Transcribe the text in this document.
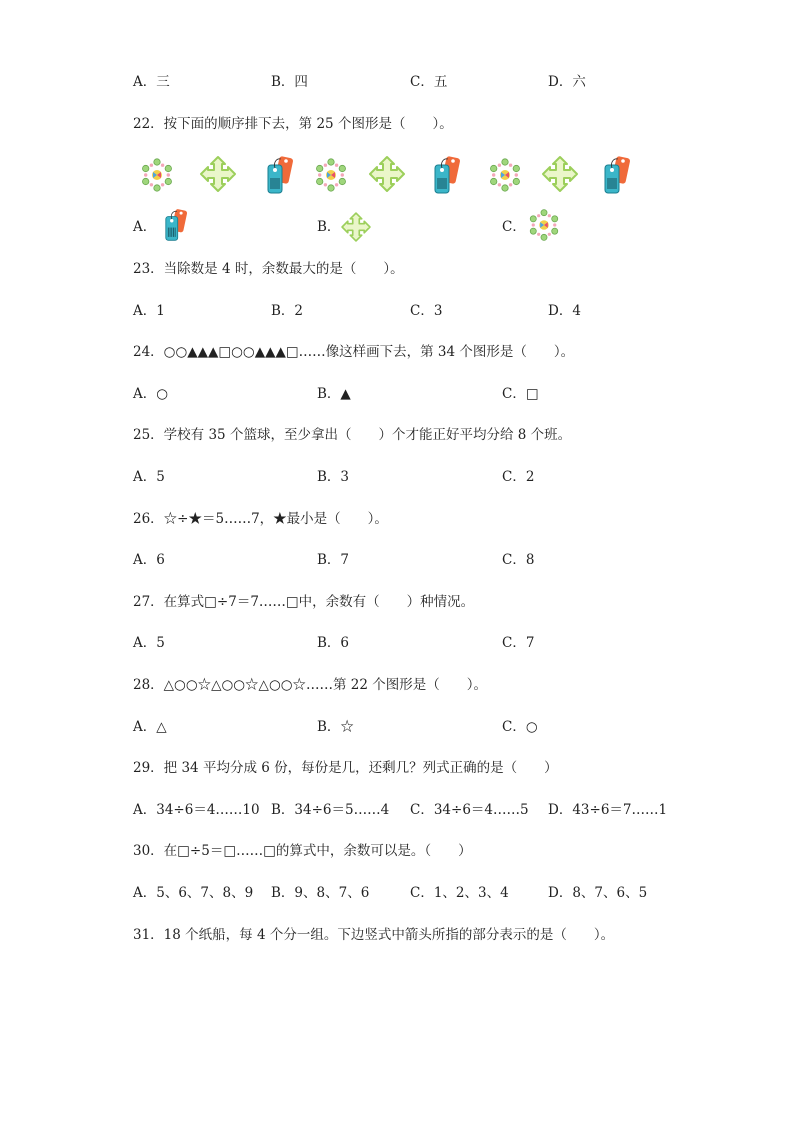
A．三	B．四	C．五	D．六
22．按下面的顺序排下去，第 25 个图形是（　　）。
A．	B．	C．
23．当除数是 4 时，余数最大的是（　　）。
A．1	B．2	C．3	D．4
24．○○▲▲▲□○○▲▲▲□……像这样画下去，第 34 个图形是（　　）。
A．○	B．▲	C．□
25．学校有 35 个篮球，至少拿出（　　）个才能正好平均分给 8 个班。
A．5	B．3	C．2
26．☆÷★＝5……7，★最小是（　　）。
A．6	B．7	C．8
27．在算式□÷7＝7……□中，余数有（　　）种情况。
A．5	B．6	C．7
28．△○○☆△○○☆△○○☆……第 22 个图形是（　　）。
A．△	B．☆	C．○
29．把 34 平均分成 6 份，每份是几，还剩几？列式正确的是（　　）
A．34÷6＝4……10 B．34÷6＝5……4 C．34÷6＝4……5 D．43÷6＝7……1
30．在□÷5＝□……□的算式中，余数可以是。（　　）
A．5、6、7、8、9 B．9、8、7、6	C．1、2、3、4	D．8、7、6、5
31．18 个纸船，每 4 个分一组。下边竖式中箭头所指的部分表示的是（　　）。
